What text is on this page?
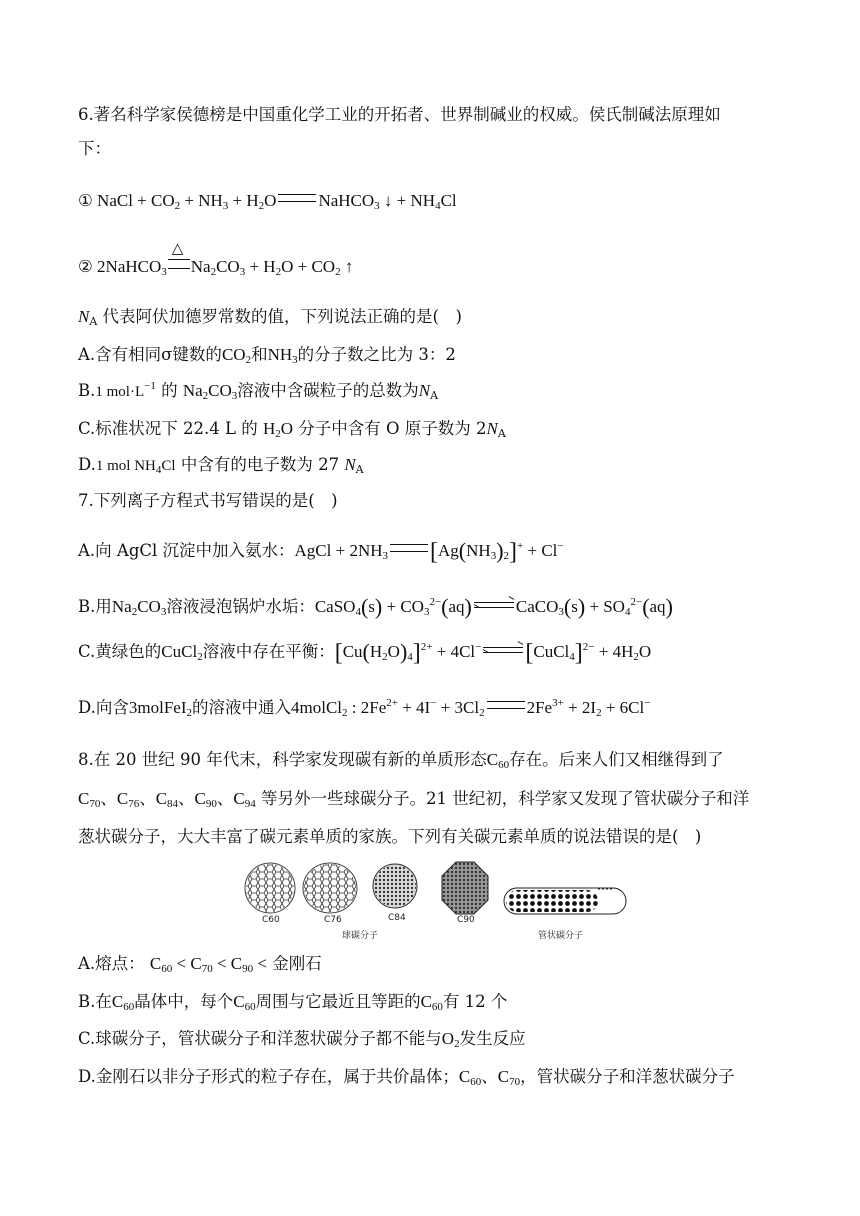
6.著名科学家侯德榜是中国重化学工业的开拓者、世界制碱业的权威。侯氏制碱法原理如
下：
① NaCl + $CO_2 + NH_3 + H_2O$ NaHCO$_3$ ↓ + $NH_4Cl$
② 2NaHCO$_3$△ $Na_2CO_3 + H_2O + CO_2$ ↑
$N_A$ 代表阿伏加德罗常数的值，下列说法正确的是(　)
A.含有相同σ键数的$CO_2$和$NH_3$的分子数之比为 3：2
B.1 $mol\cdot L^{-1}$ 的 $Na_2CO_3$溶液中含碳粒子的总数为$N_A$
C.标准状况下 22.4 L 的 $H_2O$ 分子中含有 O 原子数为 $2N_A$
D.1 mol $NH_4Cl$ 中含有的电子数为 27 $N_A$
7.下列离子方程式书写错误的是(　)
A.向 AgCl 沉淀中加入氨水：AgCl + $2NH_3$ $[Ag(NH_3)_2]^+ + Cl^-$
B.用$Na_2CO_3$溶液浸泡锅炉水垢：CaSO$_4$(s) + $CO_3^{2-}(aq)$	CaCO$_3$(s) + $SO_4^{2-}(aq)$
C.黄绿色的CuCl$_2$溶液中存在平衡：$[Cu(H_2O)_4]^{2+} + 4Cl^-$ [CuCl$_4$]$^{2-}$ + $4H_2O$
D.向含3molFeI$_2$的溶液中通入4molCl$_2$ : $2Fe^{2+} + 4I^- + 3Cl_2$ $2Fe^{3+} + 2I_2 + 6Cl^-$
8.在 20 世纪 90 年代末，科学家发现碳有新的单质形态$C_{60}$存在。后来人们又相继得到了
$C_{70}$、$C_{76}$、$C_{84}$、$C_{90}$、$C_{94}$ 等另外一些球碳分子。21 世纪初，科学家又发现了管状碳分子和洋
葱状碳分子，大大丰富了碳元素单质的家族。下列有关碳元素单质的说法错误的是(　)
C60	C76	C84	C90
球碳分子	管状碳分子
A.熔点： $C_{60} < C_{70} < C_{90}$ < 金刚石
B.在$C_{60}$晶体中，每个$C_{60}$周围与它最近且等距的$C_{60}$有 12 个
C.球碳分子，管状碳分子和洋葱状碳分子都不能与$O_2$发生反应
D.金刚石以非分子形式的粒子存在，属于共价晶体；$C_{60}$、$C_{70}$，管状碳分子和洋葱状碳分子
